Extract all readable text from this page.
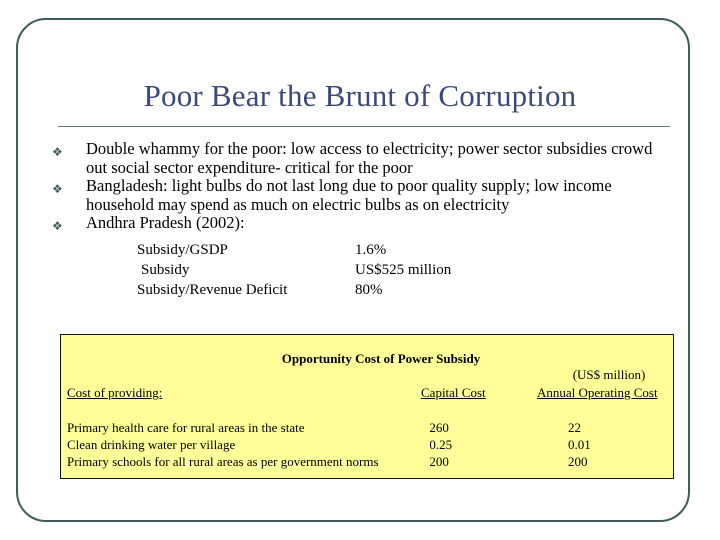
Poor Bear the Brunt of Corruption
❖ Double whammy for the poor: low access to electricity; power sector subsidies crowd out social sector expenditure- critical for the poor
❖ Bangladesh: light bulbs do not last long due to poor quality supply; low income household may spend as much on electric bulbs as on electricity
❖ Andhra Pradesh (2002):
Subsidy/GSDP	1.6%
Subsidy	US$525 million
Subsidy/Revenue Deficit	80%
Opportunity Cost of Power Subsidy
(US$ million)
Cost of providing:	Capital Cost	Annual Operating Cost
Primary health care for rural areas in the state	260	22
Clean drinking water per village	0.25	0.01
Primary schools for all rural areas as per government norms	200	200
